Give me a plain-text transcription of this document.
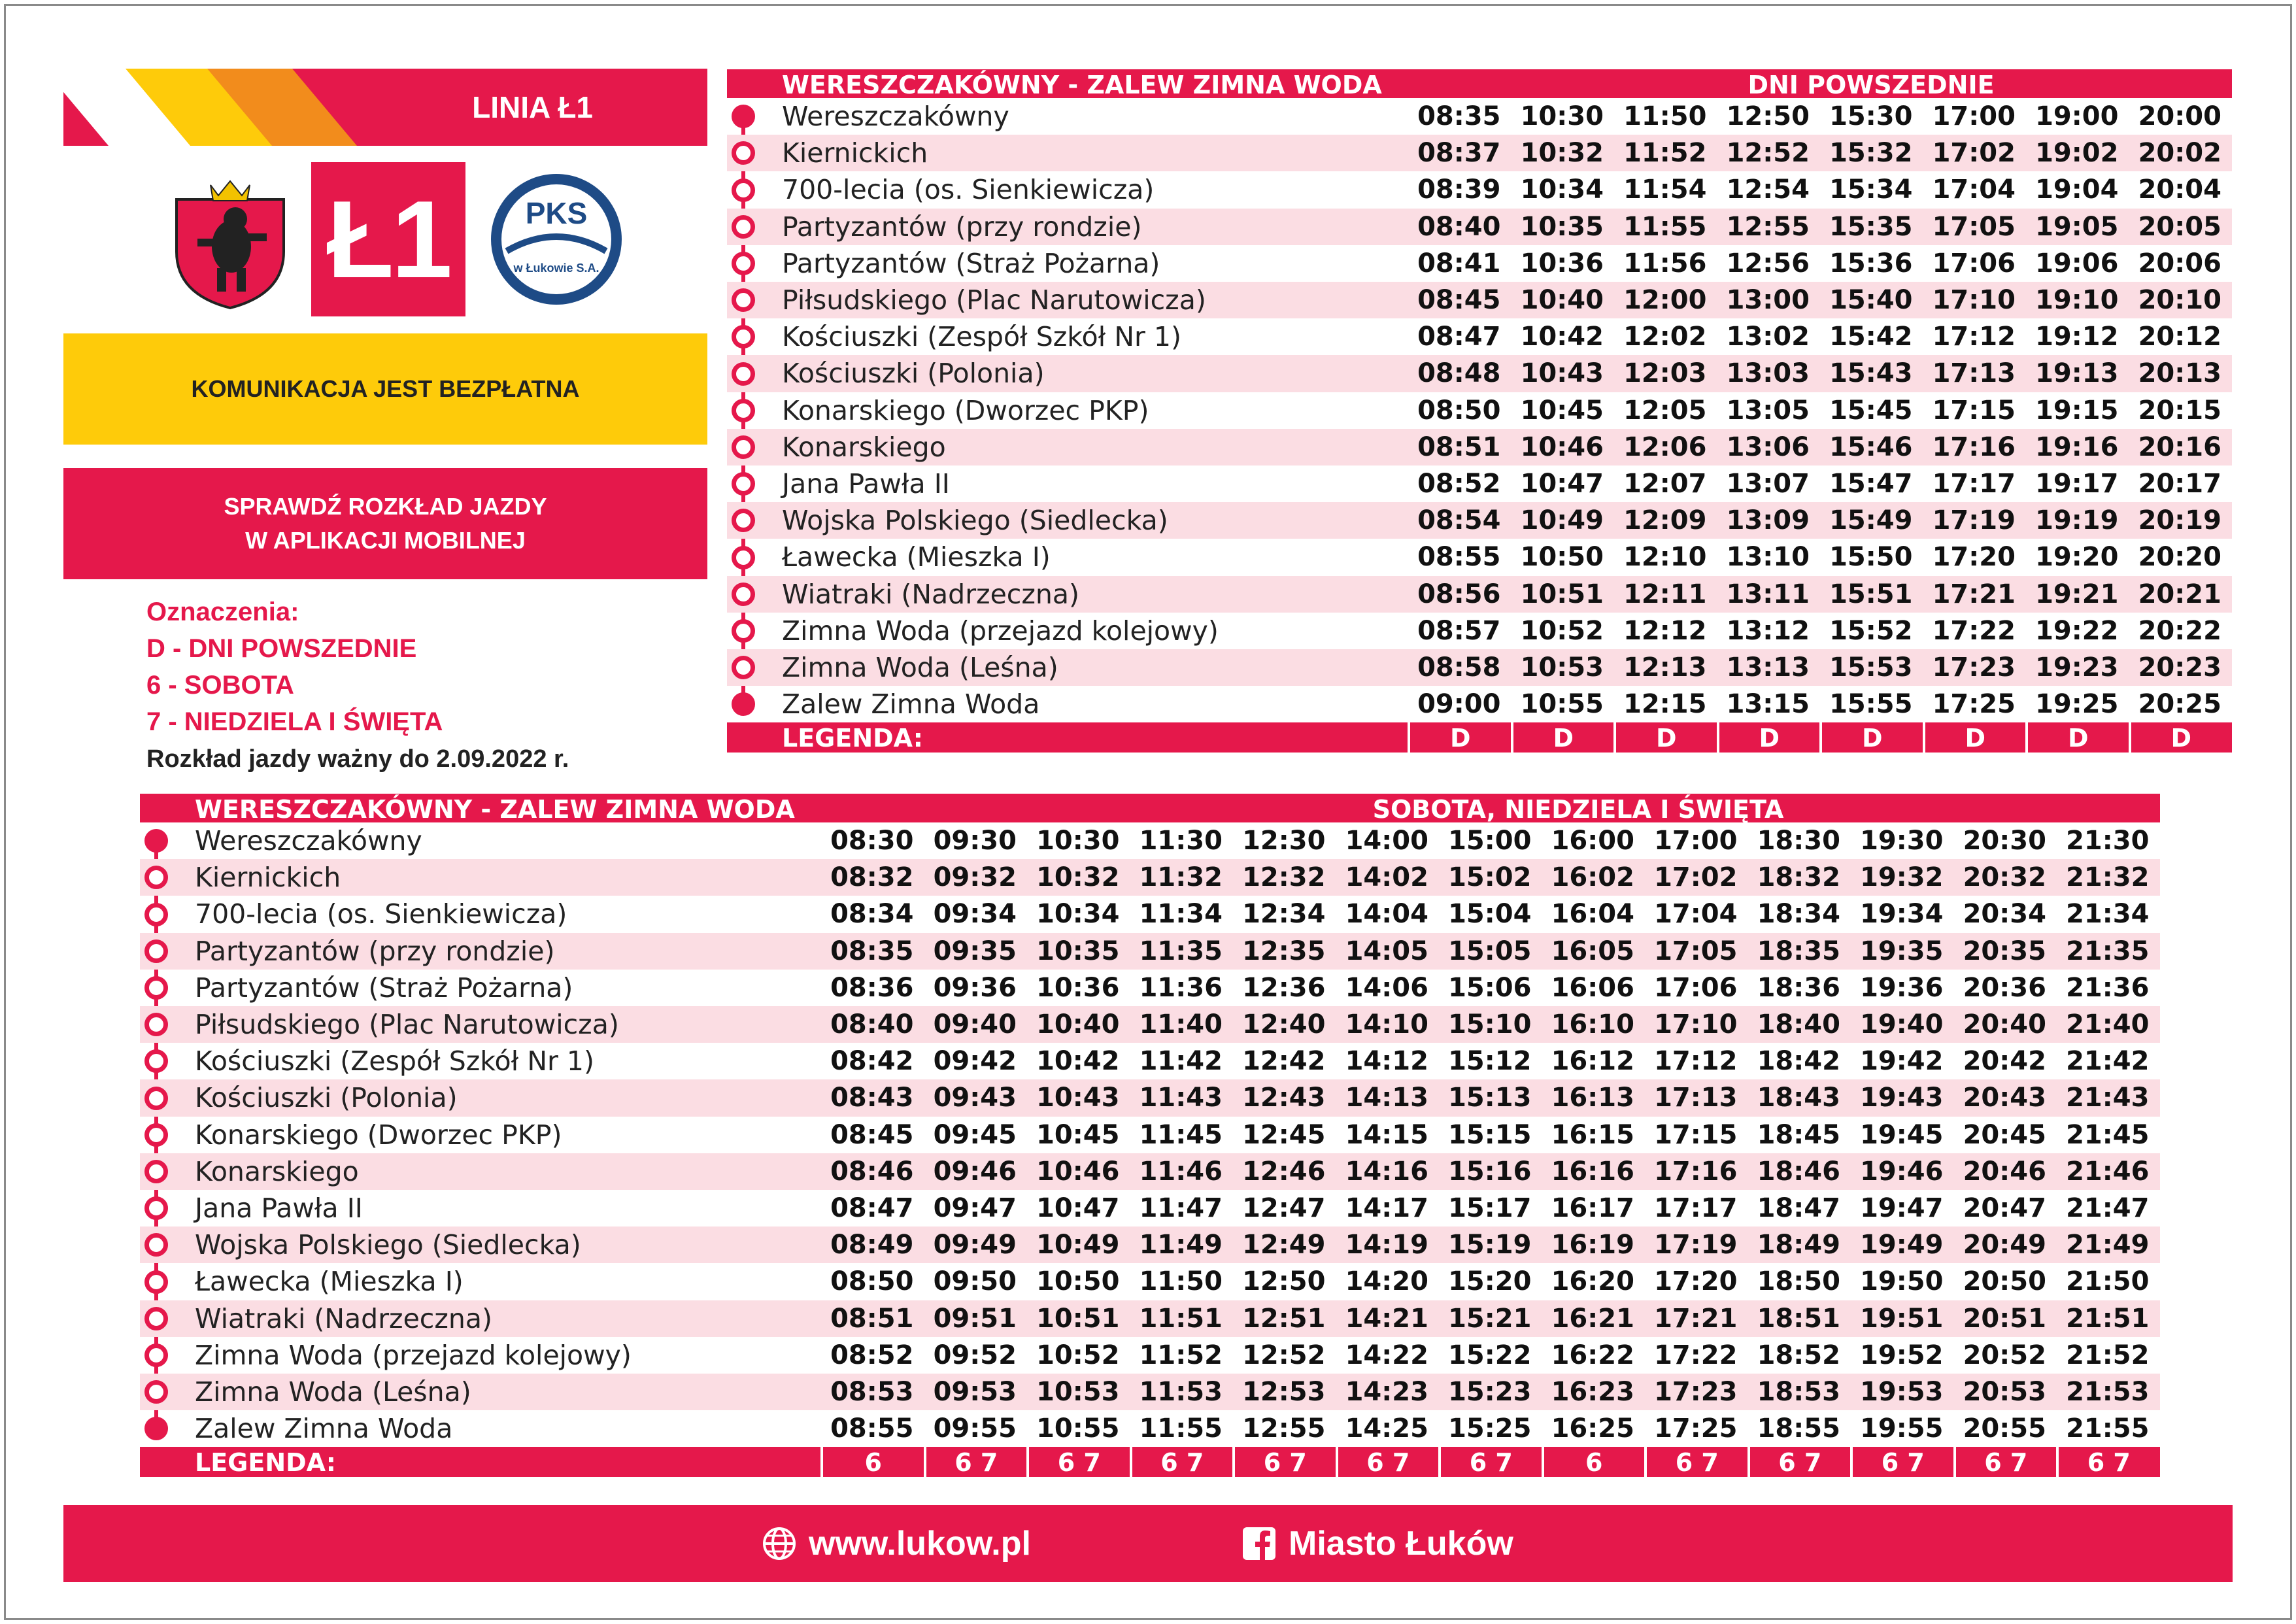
LINIA Ł1
Ł1	PKS
w Łukowie S.A.
KOMUNIKACJA JEST BEZPŁATNA
SPRAWDŹ ROZKŁAD JAZDY
W APLIKACJI MOBILNEJ
Oznaczenia:
D - DNI POWSZEDNIE
6 - SOBOTA
7 - NIEDZIELA I ŚWIĘTA
Rozkład jazdy ważny do 2.09.2022 r.
WERESZCZAKÓWNY - ZALEW ZIMNA WODA	DNI POWSZEDNIE
Wereszczakówny	08:35 10:30 11:50 12:50 15:30 17:00 19:00 20:00
Kiernickich	08:37 10:32 11:52 12:52 15:32 17:02 19:02 20:02
700-lecia (os. Sienkiewicza)	08:39 10:34 11:54 12:54 15:34 17:04 19:04 20:04
Partyzantów (przy rondzie)	08:40 10:35 11:55 12:55 15:35 17:05 19:05 20:05
Partyzantów (Straż Pożarna)	08:41 10:36 11:56 12:56 15:36 17:06 19:06 20:06
Piłsudskiego (Plac Narutowicza)	08:45 10:40 12:00 13:00 15:40 17:10 19:10 20:10
Kościuszki (Zespół Szkół Nr 1)	08:47 10:42 12:02 13:02 15:42 17:12 19:12 20:12
Kościuszki (Polonia)	08:48 10:43 12:03 13:03 15:43 17:13 19:13 20:13
Konarskiego (Dworzec PKP)	08:50 10:45 12:05 13:05 15:45 17:15 19:15 20:15
Konarskiego	08:51 10:46 12:06 13:06 15:46 17:16 19:16 20:16
Jana Pawła II	08:52 10:47 12:07 13:07 15:47 17:17 19:17 20:17
Wojska Polskiego (Siedlecka)	08:54 10:49 12:09 13:09 15:49 17:19 19:19 20:19
Ławecka (Mieszka I)	08:55 10:50 12:10 13:10 15:50 17:20 19:20 20:20
Wiatraki (Nadrzeczna)	08:56 10:51 12:11 13:11 15:51 17:21 19:21 20:21
Zimna Woda (przejazd kolejowy)	08:57 10:52 12:12 13:12 15:52 17:22 19:22 20:22
Zimna Woda (Leśna)	08:58 10:53 12:13 13:13 15:53 17:23 19:23 20:23
Zalew Zimna Woda	09:00 10:55 12:15 13:15 15:55 17:25 19:25 20:25
LEGENDA:	D	D	D	D	D	D	D	D
WERESZCZAKÓWNY - ZALEW ZIMNA WODA	SOBOTA, NIEDZIELA I ŚWIĘTA
Wereszczakówny	08:30 09:30 10:30 11:30 12:30 14:00 15:00 16:00 17:00 18:30 19:30 20:30 21:30
Kiernickich	08:32 09:32 10:32 11:32 12:32 14:02 15:02 16:02 17:02 18:32 19:32 20:32 21:32
700-lecia (os. Sienkiewicza)	08:34 09:34 10:34 11:34 12:34 14:04 15:04 16:04 17:04 18:34 19:34 20:34 21:34
Partyzantów (przy rondzie)	08:35 09:35 10:35 11:35 12:35 14:05 15:05 16:05 17:05 18:35 19:35 20:35 21:35
Partyzantów (Straż Pożarna)	08:36 09:36 10:36 11:36 12:36 14:06 15:06 16:06 17:06 18:36 19:36 20:36 21:36
Piłsudskiego (Plac Narutowicza)	08:40 09:40 10:40 11:40 12:40 14:10 15:10 16:10 17:10 18:40 19:40 20:40 21:40
Kościuszki (Zespół Szkół Nr 1)	08:42 09:42 10:42 11:42 12:42 14:12 15:12 16:12 17:12 18:42 19:42 20:42 21:42
Kościuszki (Polonia)	08:43 09:43 10:43 11:43 12:43 14:13 15:13 16:13 17:13 18:43 19:43 20:43 21:43
Konarskiego (Dworzec PKP)	08:45 09:45 10:45 11:45 12:45 14:15 15:15 16:15 17:15 18:45 19:45 20:45 21:45
Konarskiego	08:46 09:46 10:46 11:46 12:46 14:16 15:16 16:16 17:16 18:46 19:46 20:46 21:46
Jana Pawła II	08:47 09:47 10:47 11:47 12:47 14:17 15:17 16:17 17:17 18:47 19:47 20:47 21:47
Wojska Polskiego (Siedlecka)	08:49 09:49 10:49 11:49 12:49 14:19 15:19 16:19 17:19 18:49 19:49 20:49 21:49
Ławecka (Mieszka I)	08:50 09:50 10:50 11:50 12:50 14:20 15:20 16:20 17:20 18:50 19:50 20:50 21:50
Wiatraki (Nadrzeczna)	08:51 09:51 10:51 11:51 12:51 14:21 15:21 16:21 17:21 18:51 19:51 20:51 21:51
Zimna Woda (przejazd kolejowy)	08:52 09:52 10:52 11:52 12:52 14:22 15:22 16:22 17:22 18:52 19:52 20:52 21:52
Zimna Woda (Leśna)	08:53 09:53 10:53 11:53 12:53 14:23 15:23 16:23 17:23 18:53 19:53 20:53 21:53
Zalew Zimna Woda	08:55 09:55 10:55 11:55 12:55 14:25 15:25 16:25 17:25 18:55 19:55 20:55 21:55
LEGENDA:	6	6 7	6 7	6 7	6 7	6 7	6 7	6	6 7	6 7	6 7	6 7	6 7
www.lukow.pl	Miasto Łuków
